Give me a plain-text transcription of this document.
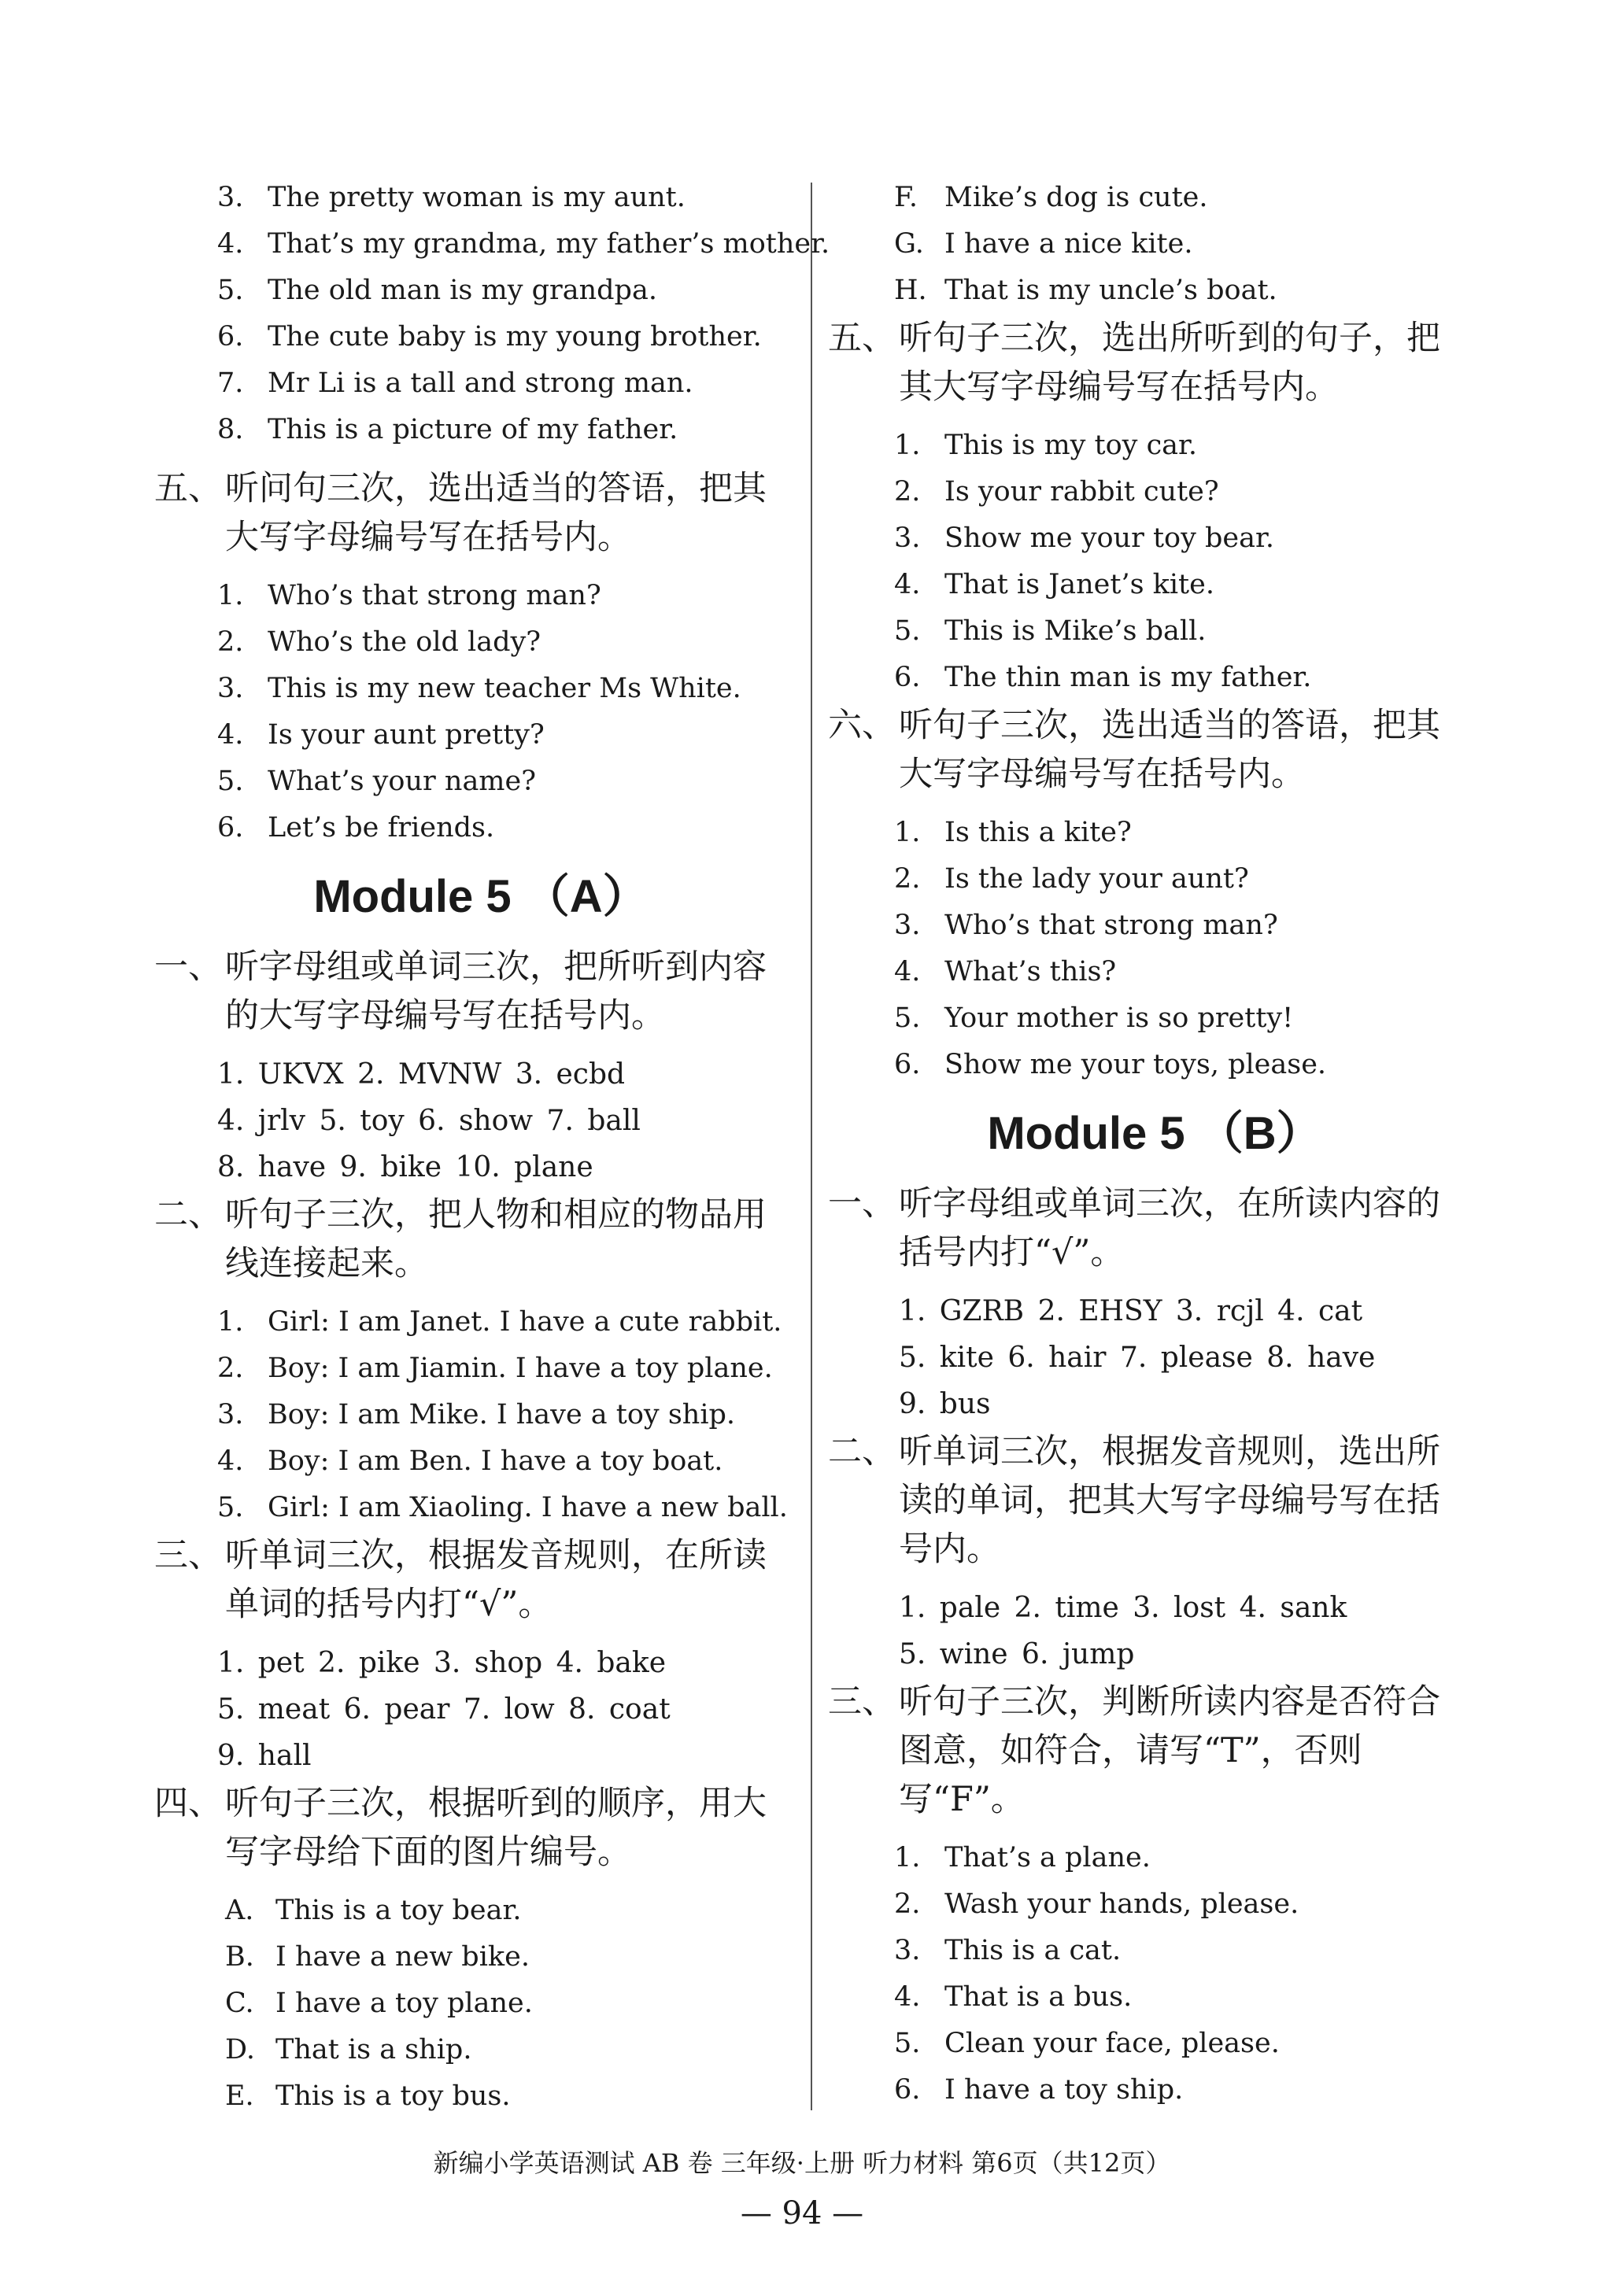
3. The pretty woman is my aunt.
4. That’s my grandma, my father’s mother.
5. The old man is my grandpa.
6. The cute baby is my young brother.
7. Mr Li is a tall and strong man.
8. This is a picture of my father.
五、听问句三次，选出适当的答语，把其
大写字母编号写在括号内。
1. Who’s that strong man?
2. Who’s the old lady?
3. This is my new teacher Ms White.
4. Is your aunt pretty?
5. What’s your name?
6. Let’s be friends.
Module 5 （A）
一、听字母组或单词三次，把所听到内容
的大写字母编号写在括号内。
1. UKVX 2. MVNW 3. ecbd
4. jrlv 5. toy 6. show 7. ball
8. have 9. bike 10. plane
二、听句子三次，把人物和相应的物品用
线连接起来。
1. Girl: I am Janet. I have a cute rabbit.
2. Boy: I am Jiamin. I have a toy plane.
3. Boy: I am Mike. I have a toy ship.
4. Boy: I am Ben. I have a toy boat.
5. Girl: I am Xiaoling. I have a new ball.
三、听单词三次，根据发音规则，在所读
单词的括号内打“√”。
1. pet 2. pike 3. shop 4. bake
5. meat 6. pear 7. low 8. coat
9. hall
四、听句子三次，根据听到的顺序，用大
写字母给下面的图片编号。
A. This is a toy bear.
B. I have a new bike.
C. I have a toy plane.
D. That is a ship.
E. This is a toy bus.
F. Mike’s dog is cute.
G. I have a nice kite.
H. That is my uncle’s boat.
五、听句子三次，选出所听到的句子，把
其大写字母编号写在括号内。
1. This is my toy car.
2. Is your rabbit cute?
3. Show me your toy bear.
4. That is Janet’s kite.
5. This is Mike’s ball.
6. The thin man is my father.
六、听句子三次，选出适当的答语，把其
大写字母编号写在括号内。
1. Is this a kite?
2. Is the lady your aunt?
3. Who’s that strong man?
4. What’s this?
5. Your mother is so pretty!
6. Show me your toys, please.
Module 5 （B）
一、听字母组或单词三次，在所读内容的
括号内打“√”。
1. GZRB 2. EHSY 3. rcjl 4. cat
5. kite 6. hair 7. please 8. have
9. bus
二、听单词三次，根据发音规则，选出所
读的单词，把其大写字母编号写在括
号内。
1. pale 2. time 3. lost 4. sank
5. wine 6. jump
三、听句子三次，判断所读内容是否符合
图意，如符合，请写“T”，否则
写“F”。
1. That’s a plane.
2. Wash your hands, please.
3. This is a cat.
4. That is a bus.
5. Clean your face, please.
6. I have a toy ship.
新编小学英语测试 AB 卷 三年级·上册 听力材料 第6页（共12页）
— 94 —
